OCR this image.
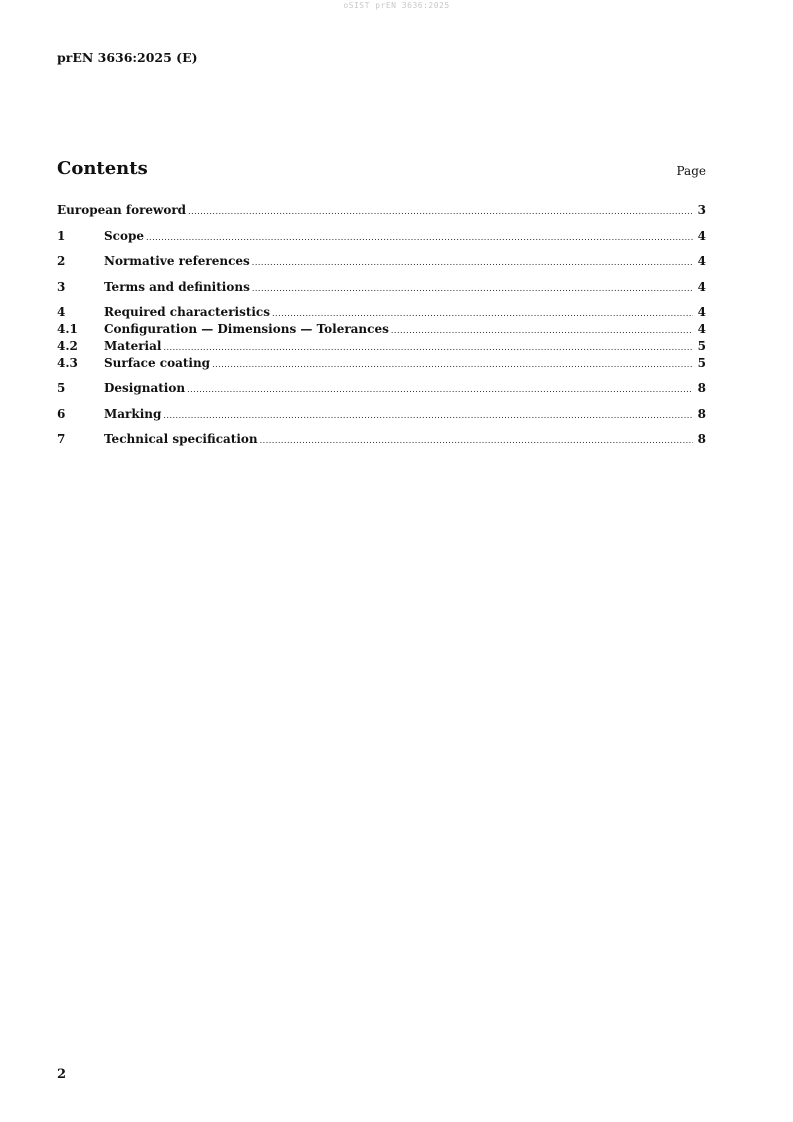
oSIST prEN 3636:2025
prEN 3636:2025 (E)
Contents	Page
European foreword .....	3
1	Scope .....	4
2	Normative references .....	4
3	Terms and definitions .....	4
4	Required characteristics .....	4
4.1	Configuration — Dimensions — Tolerances .....	4
4.2	Material .....	5
4.3	Surface coating .....	5
5	Designation .....	8
6	Marking .....	8
7	Technical specification .....	8
2
